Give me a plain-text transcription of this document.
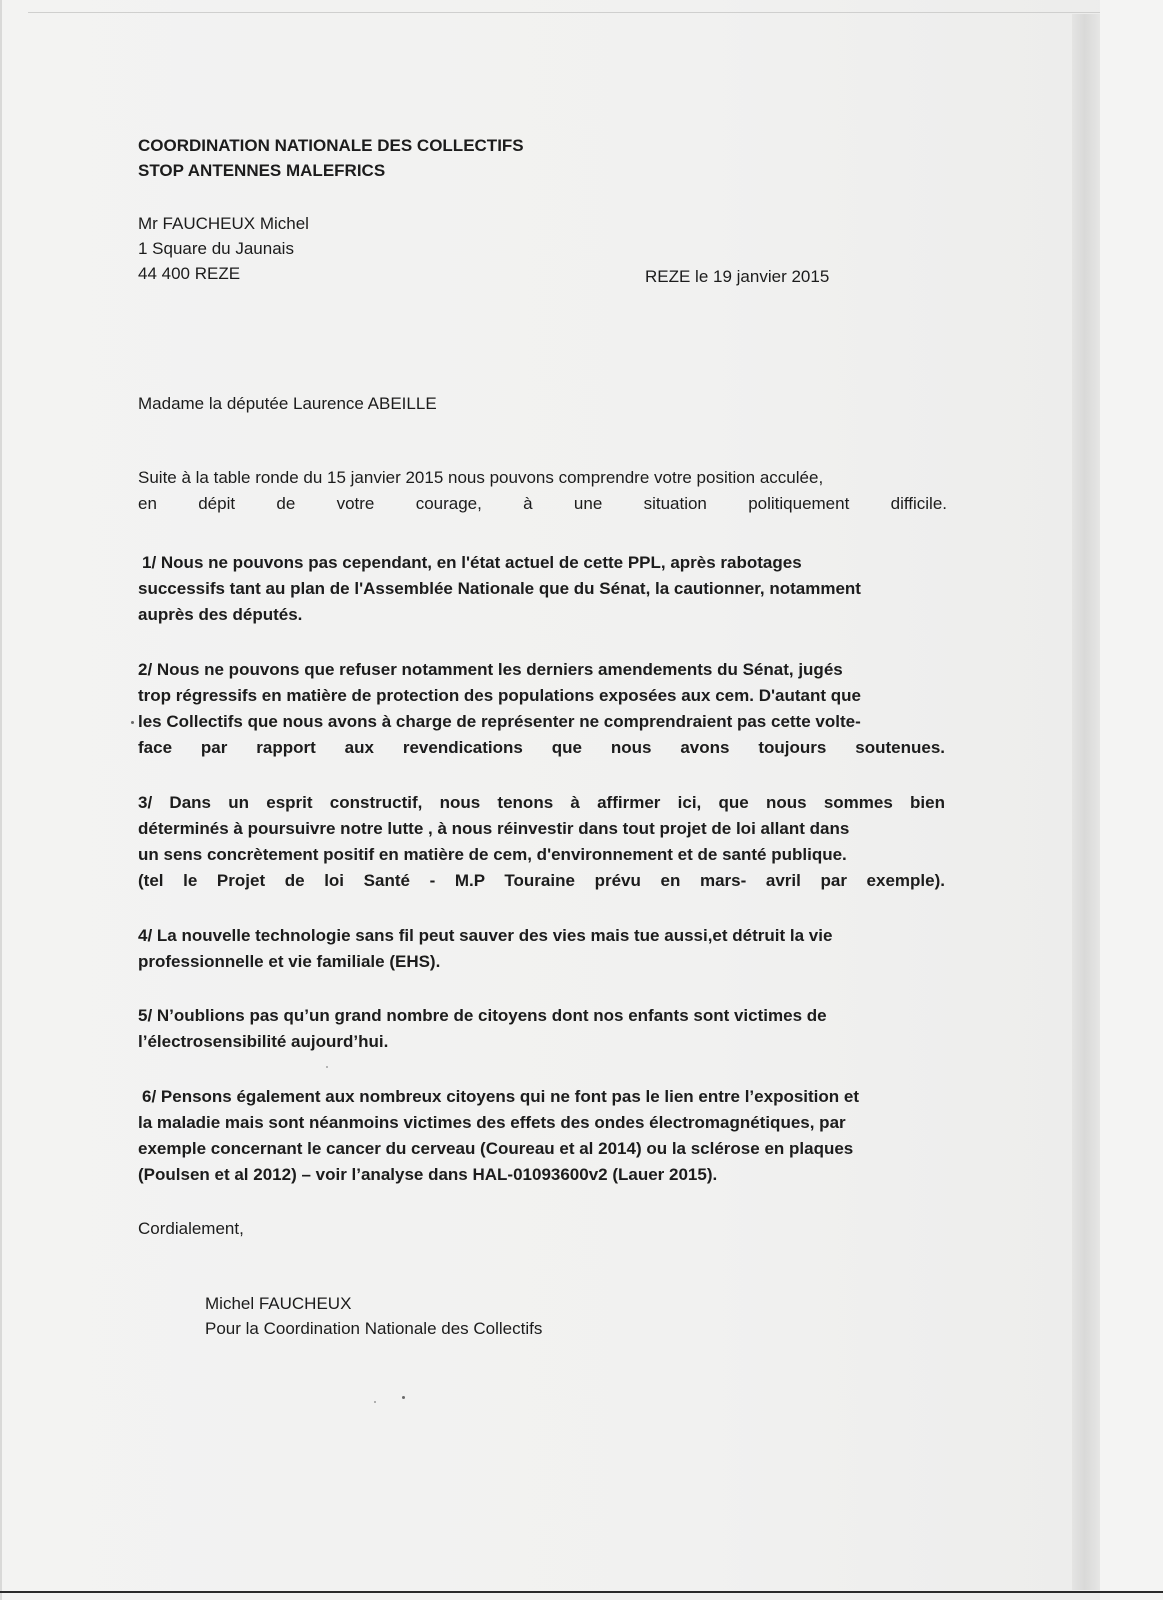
COORDINATION NATIONALE DES COLLECTIFS
STOP ANTENNES MALEFRICS
Mr FAUCHEUX Michel
1 Square du Jaunais
44 400 REZE	REZE le 19 janvier 2015
Madame la députée Laurence ABEILLE
Suite à la table ronde du 15 janvier 2015 nous pouvons comprendre votre position acculée,
en dépit de votre courage, à une situation politiquement difficile.
1/ Nous ne pouvons pas cependant, en l'état actuel de cette PPL, après rabotages
successifs tant au plan de l'Assemblée Nationale que du Sénat, la cautionner, notamment
auprès des députés.
2/ Nous ne pouvons que refuser notamment les derniers amendements du Sénat, jugés
trop régressifs en matière de protection des populations exposées aux cem. D'autant que
les Collectifs que nous avons à charge de représenter ne comprendraient pas cette volte-
face par rapport aux revendications que nous avons toujours soutenues.
3/ Dans un esprit constructif, nous tenons à affirmer ici, que nous sommes bien
déterminés à poursuivre notre lutte , à nous réinvestir dans tout projet de loi allant dans
un sens concrètement positif en matière de cem, d'environnement et de santé publique.
(tel le Projet de loi Santé - M.P Touraine prévu en mars- avril par exemple).
4/ La nouvelle technologie sans fil peut sauver des vies mais tue aussi,et détruit la vie
professionnelle et vie familiale (EHS).
5/ N’oublions pas qu’un grand nombre de citoyens dont nos enfants sont victimes de
l’électrosensibilité aujourd’hui.
6/ Pensons également aux nombreux citoyens qui ne font pas le lien entre l’exposition et
la maladie mais sont néanmoins victimes des effets des ondes électromagnétiques, par
exemple concernant le cancer du cerveau (Coureau et al 2014) ou la sclérose en plaques
(Poulsen et al 2012) – voir l’analyse dans HAL-01093600v2 (Lauer 2015).
Cordialement,
Michel FAUCHEUX
Pour la Coordination Nationale des Collectifs
